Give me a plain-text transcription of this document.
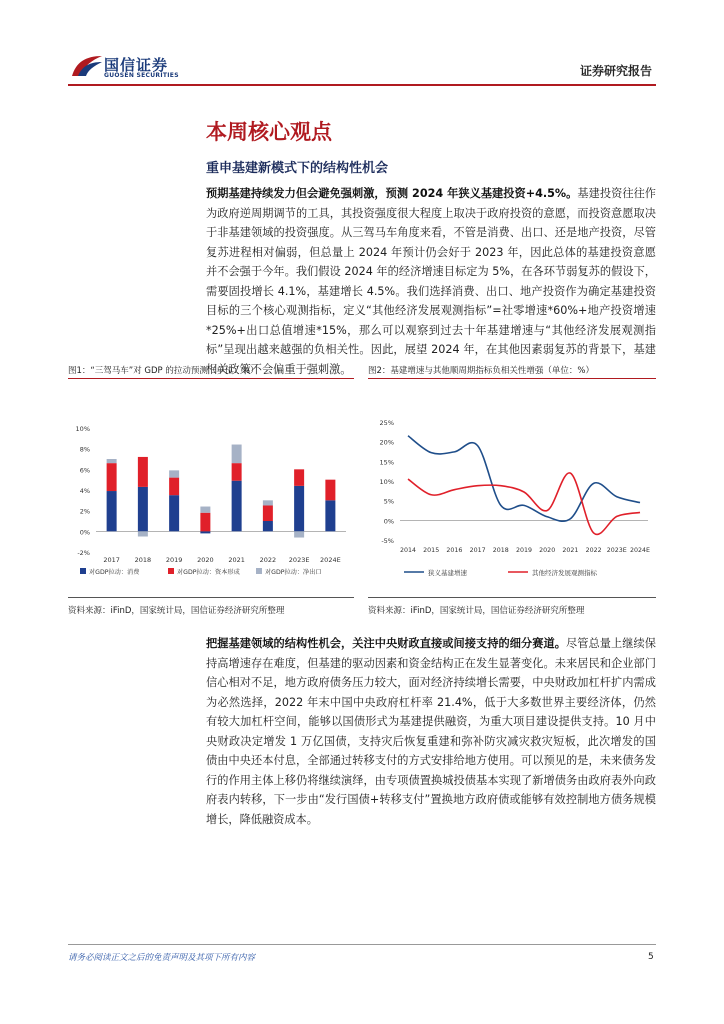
国信证券
GUOSEN SECURITIES	证券研究报告
本周核心观点
重申基建新模式下的结构性机会
预期基建持续发力但会避免强刺激，预测 2024 年狭义基建投资+4.5%。基建投资往往作为政府逆周期调节的工具，其投资强度很大程度上取决于政府投资的意愿，而投资意愿取决于非基建领域的投资强度。从三驾马车角度来看，不管是消费、出口、还是地产投资，尽管复苏进程相对偏弱，但总量上 2024 年预计仍会好于 2023 年，因此总体的基建投资意愿并不会强于今年。我们假设 2024 年的经济增速目标定为 5%，在各环节弱复苏的假设下，需要固投增长 4.1%，基建增长 4.5%。我们选择消费、出口、地产投资作为确定基建投资目标的三个核心观测指标，定义“其他经济发展观测指标”=社零增速*60%+地产投资增速*25%+出口总值增速*15%，那么可以观察到过去十年基建增速与“其他经济发展观测指标”呈现出越来越强的负相关性。因此，展望 2024 年，在其他因素弱复苏的背景下，基建相关政策不会偏重于强刺激。
图1：“三驾马车”对 GDP 的拉动预测（单位：%）
10%
8%
6%
4%
2%
0%
-2%
2017 2018 2019 2020 2021 2022 2023E 2024E
对GDP拉动：消费	对GDP拉动：资本形成	对GDP拉动：净出口
资料来源：iFinD，国家统计局，国信证券经济研究所整理
图2：基建增速与其他顺周期指标负相关性增强（单位：%）
25%
20%
15%
10%
5%
0%
-5%
2014 2015 2016 2017 2018 2019 2020 2021 2022 2023E 2024E
狭义基建增速	其他经济发展观测指标
资料来源：iFinD，国家统计局，国信证券经济研究所整理
把握基建领域的结构性机会，关注中央财政直接或间接支持的细分赛道。尽管总量上继续保持高增速存在难度，但基建的驱动因素和资金结构正在发生显著变化。未来居民和企业部门信心相对不足，地方政府债务压力较大，面对经济持续增长需要，中央财政加杠杆扩内需成为必然选择，2022 年末中国中央政府杠杆率 21.4%，低于大多数世界主要经济体，仍然有较大加杠杆空间，能够以国债形式为基建提供融资，为重大项目建设提供支持。10 月中央财政决定增发 1 万亿国债，支持灾后恢复重建和弥补防灾减灾救灾短板，此次增发的国债由中央还本付息，全部通过转移支付的方式安排给地方使用。可以预见的是，未来债务发行的作用主体上移仍将继续演绎，由专项债置换城投债基本实现了新增债务由政府表外向政府表内转移，下一步由“发行国债+转移支付”置换地方政府债或能够有效控制地方债务规模增长，降低融资成本。
请务必阅读正文之后的免责声明及其项下所有内容	5
